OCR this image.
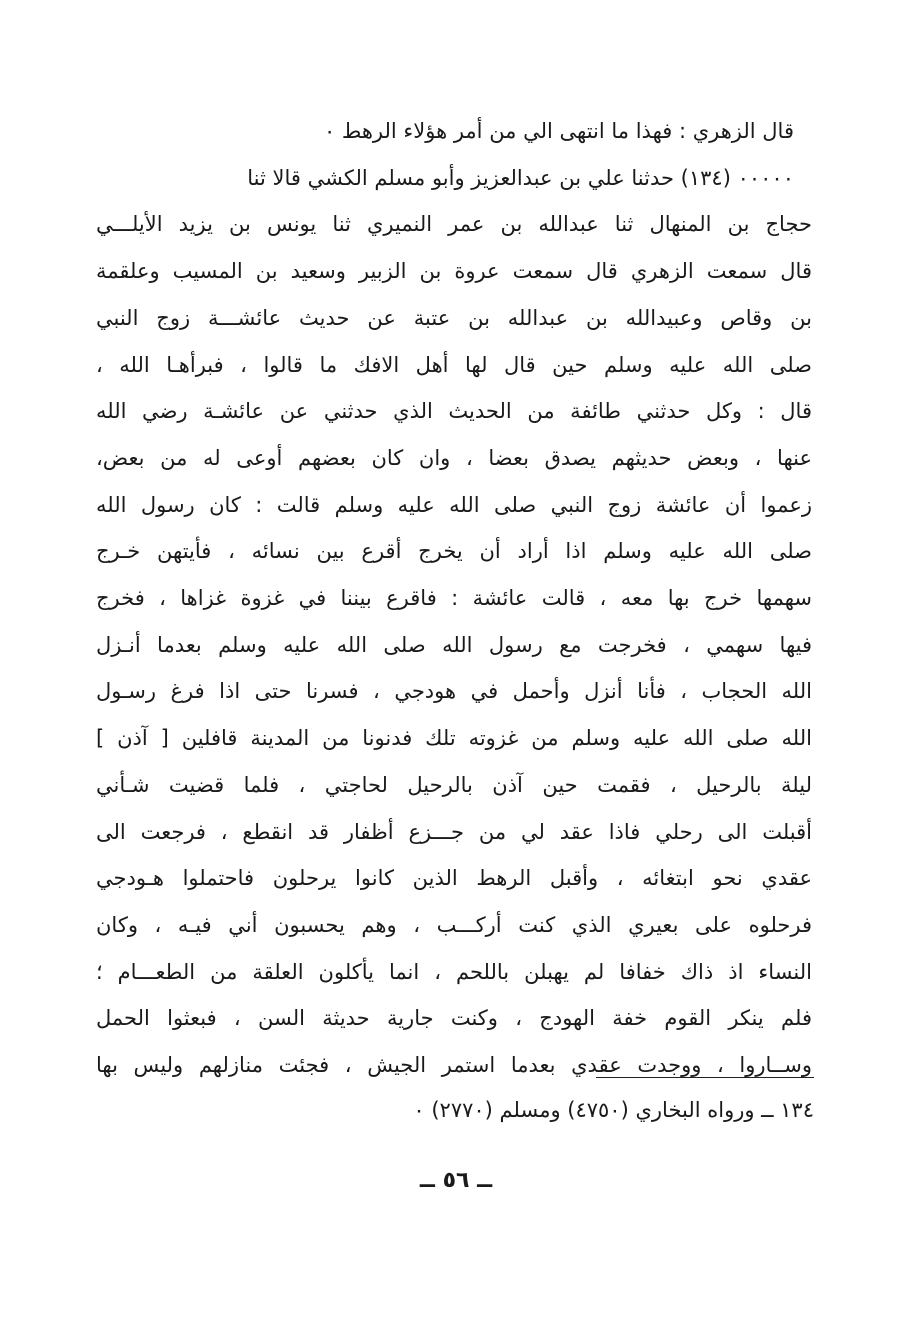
قال الزهري : فهذا ما انتهى الي من أمر هؤلاء الرهط ٠
٠٠٠٠٠ (١٣٤) حدثنا علي بن عبدالعزيز وأبو مسلم الكشي قالا ثنا
حجاج بن المنهال ثنا عبدالله بن عمر النميري ثنا يونس بن يزيد الأيلـــي
قال سمعت الزهري قال سمعت عروة بن الزبير وسعيد بن المسيب وعلقمة
بن وقاص وعبيدالله بن عبدالله بن عتبة عن حديث عائشـــة زوج النبي
صلى الله عليه وسلم حين قال لها أهل الافك ما قالوا ، فبرأهـا الله ،
قال : وكل حدثني طائفة من الحديث الذي حدثني عن عائشـة رضي الله
عنها ، وبعض حديثهم يصدق بعضا ، وان كان بعضهم أوعى له من بعض،
زعموا أن عائشة زوج النبي صلى الله عليه وسلم قالت : كان رسول الله
صلى الله عليه وسلم اذا أراد أن يخرج أقرع بين نسائه ، فأيتهن خـرج
سهمها خرج بها معه ، قالت عائشة : فاقرع بيننا في غزوة غزاها ، فخرج
فيها سهمي ، فخرجت مع رسول الله صلى الله عليه وسلم بعدما أنـزل
الله الحجاب ، فأنا أنزل وأحمل في هودجي ، فسرنا حتى اذا فرغ رسـول
الله صلى الله عليه وسلم من غزوته تلك فدنونا من المدينة قافلين [ آذن ]
ليلة بالرحيل ، فقمت حين آذن بالرحيل لحاجتي ، فلما قضيت شـأني
أقبلت الى رحلي فاذا عقد لي من جـــزع أظفار قد انقطع ، فرجعت الى
عقدي نحو ابتغائه ، وأقبل الرهط الذين كانوا يرحلون فاحتملوا هـودجي
فرحلوه على بعيري الذي كنت أركـــب ، وهم يحسبون أني فيـه ، وكان
النساء اذ ذاك خفافا لم يهبلن باللحم ، انما يأكلون العلقة من الطعـــام ؛
فلم ينكر القوم خفة الهودج ، وكنت جارية حديثة السن ، فبعثوا الحمل
وســاروا ، ووجدت عقدي بعدما استمر الجيش ، فجئت منازلهم وليس بها
١٣٤ ــ ورواه البخاري (٤٧٥٠) ومسلم (٢٧٧٠) ٠
ــ ٥٦ ــ
